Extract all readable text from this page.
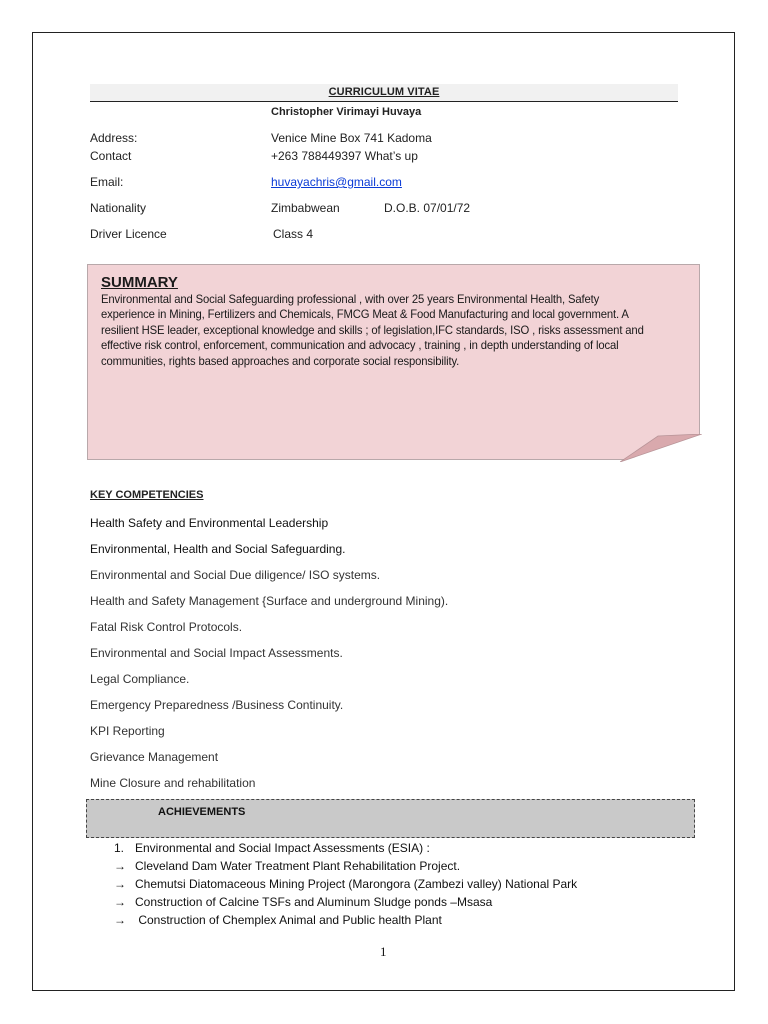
CURRICULUM VITAE
Christopher Virimayi Huvaya
Address:	Venice Mine Box 741 Kadoma
Contact	+263 788449397 What’s up
Email:	huvayachris@gmail.com
Nationality	Zimbabwean	D.O.B. 07/01/72
Driver Licence	Class 4
SUMMARY
Environmental and Social Safeguarding professional , with over 25 years Environmental Health, Safety experience in Mining, Fertilizers and Chemicals, FMCG Meat & Food Manufacturing and local government. A resilient HSE leader, exceptional knowledge and skills ; of legislation,IFC standards, ISO , risks assessment and effective risk control, enforcement, communication and advocacy , training , in depth understanding of local communities, rights based approaches and corporate social responsibility.
KEY COMPETENCIES
Health Safety and Environmental Leadership
Environmental, Health and Social Safeguarding.
Environmental and Social Due diligence/ ISO systems.
Health and Safety Management {Surface and underground Mining).
Fatal Risk Control Protocols.
Environmental and Social Impact Assessments.
Legal Compliance.
Emergency Preparedness /Business Continuity.
KPI Reporting
Grievance Management
Mine Closure and rehabilitation
ACHIEVEMENTS
1. Environmental and Social Impact Assessments (ESIA) :
→ Cleveland Dam Water Treatment Plant Rehabilitation Project.
→ Chemutsi Diatomaceous Mining Project (Marongora (Zambezi valley) National Park
→ Construction of Calcine TSFs and Aluminum Sludge ponds –Msasa
→ Construction of Chemplex Animal and Public health Plant
1
